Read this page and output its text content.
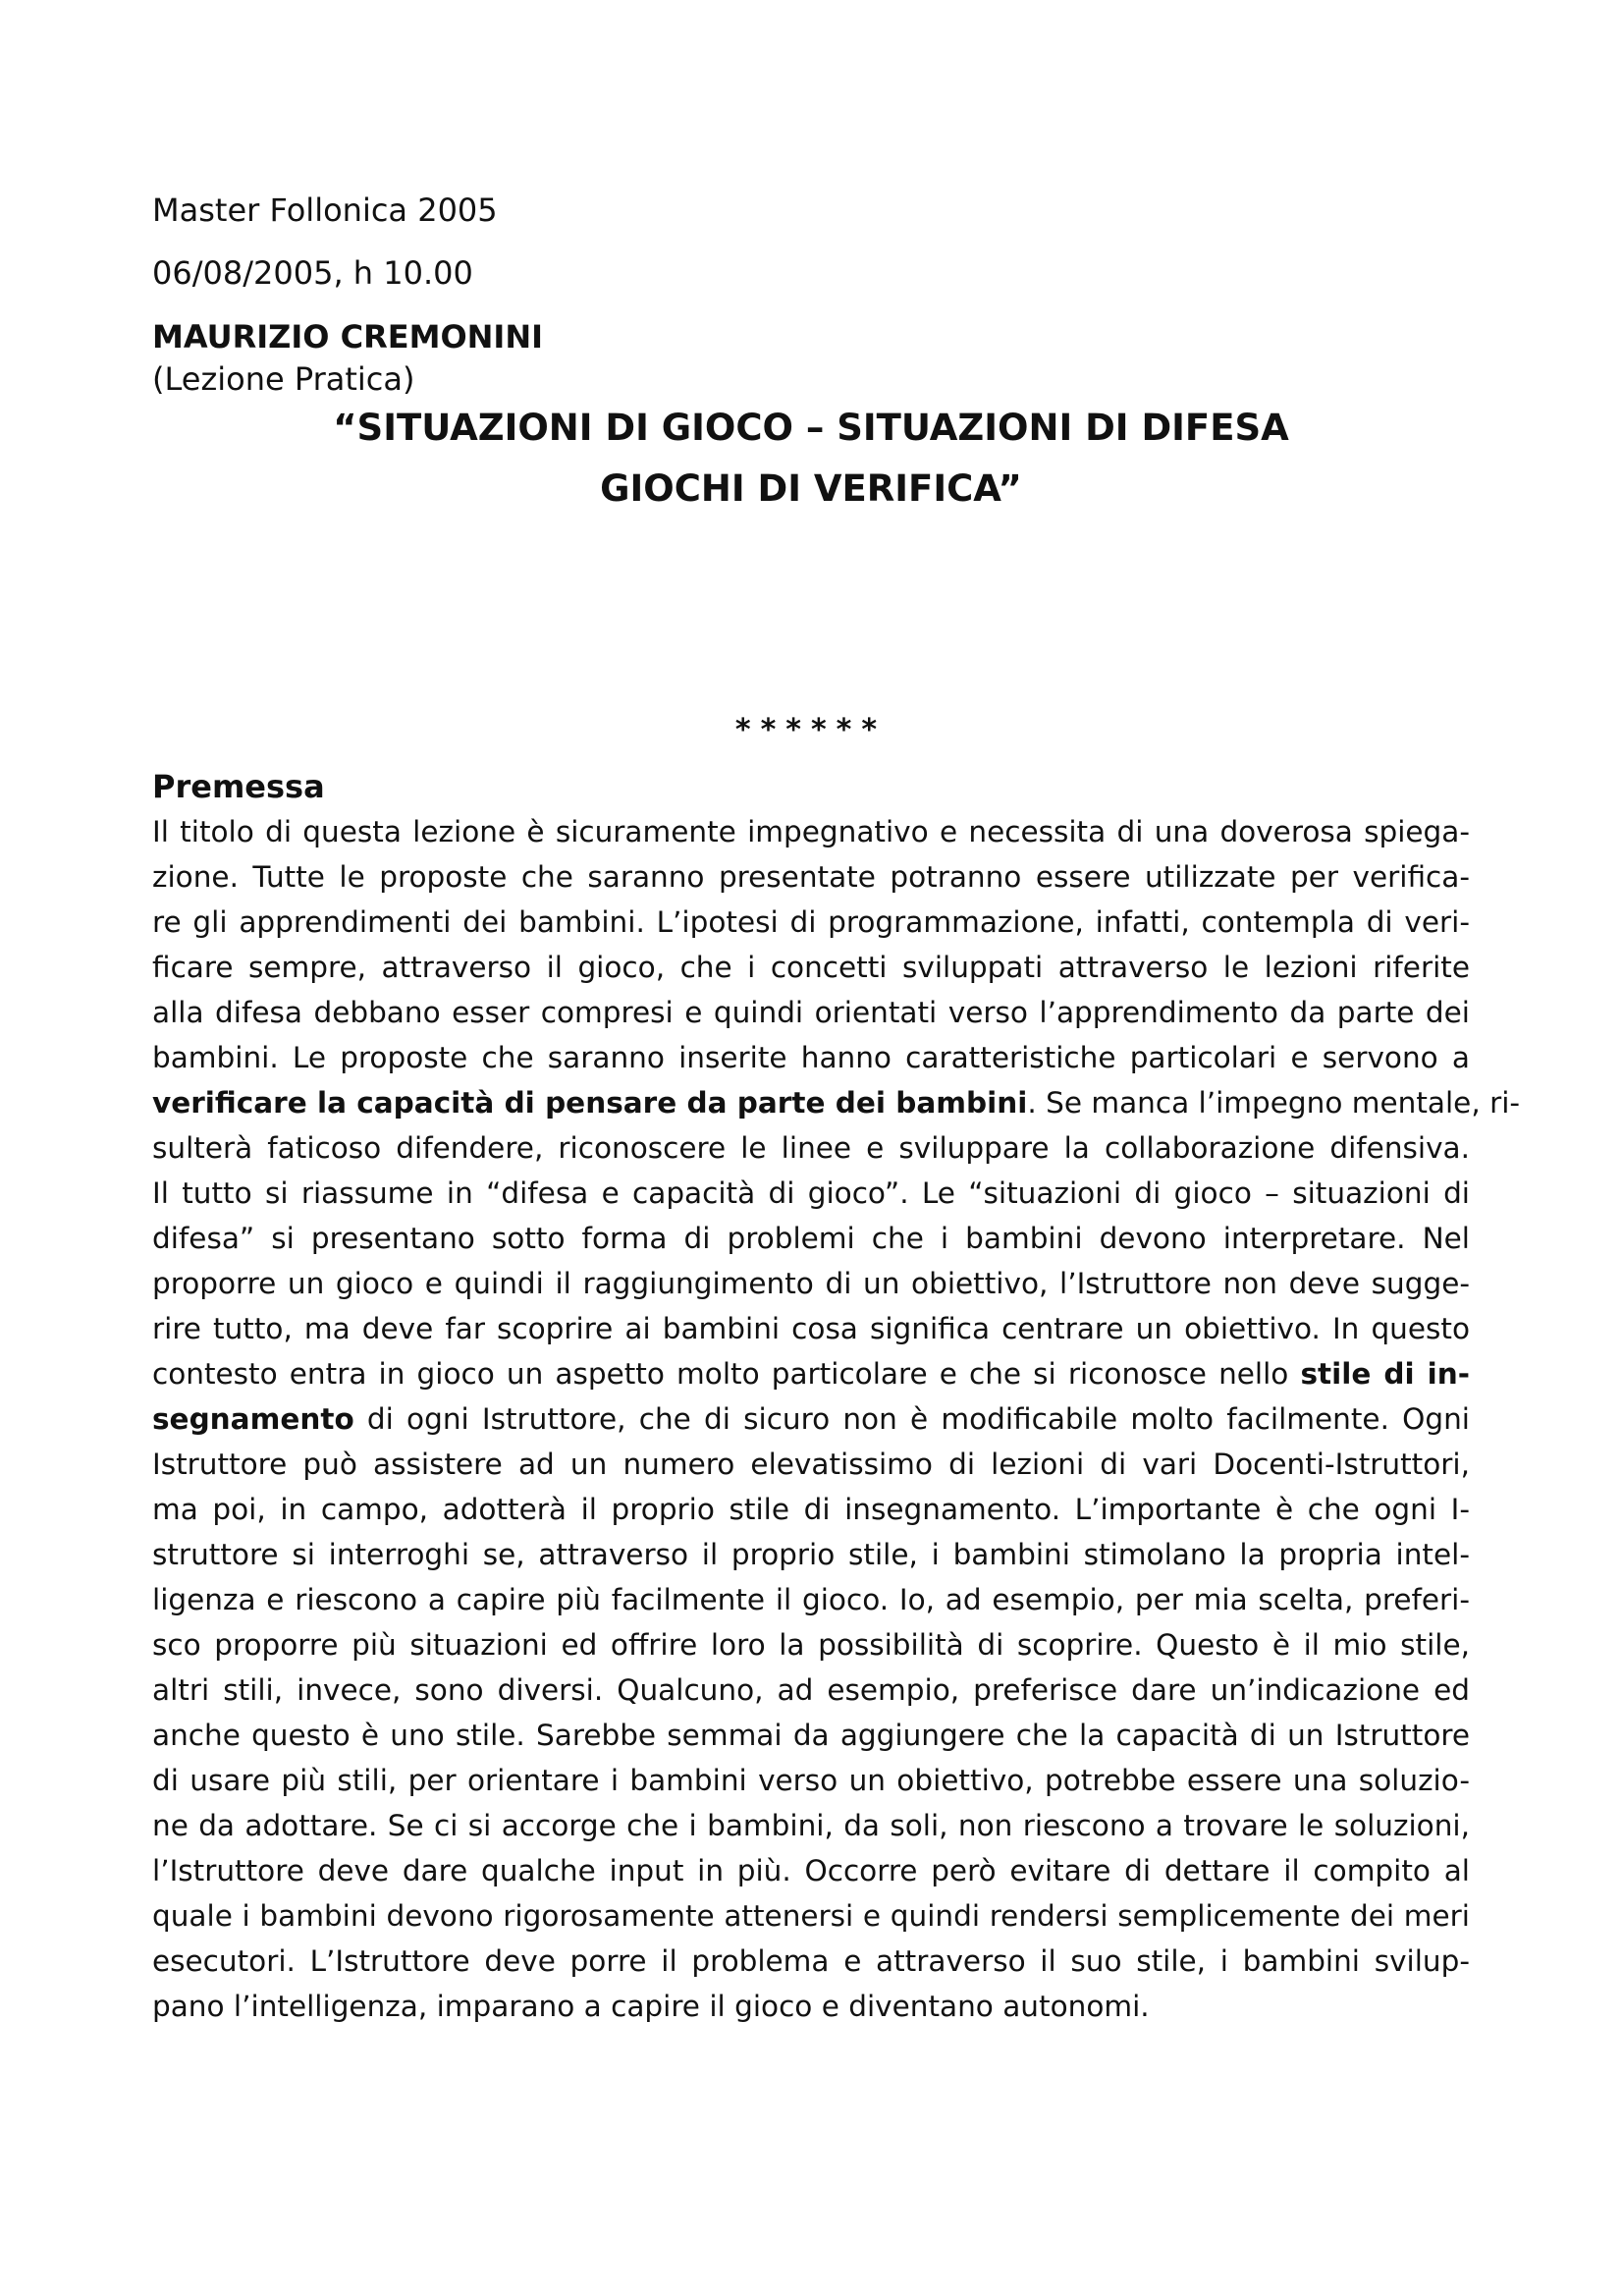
Master Follonica 2005
06/08/2005, h 10.00
MAURIZIO CREMONINI
(Lezione Pratica)
“SITUAZIONI DI GIOCO – SITUAZIONI DI DIFESA
GIOCHI DI VERIFICA”
******
Premessa
Il titolo di questa lezione è sicuramente impegnativo e necessita di una doverosa spiega-
zione. Tutte le proposte che saranno presentate potranno essere utilizzate per verifica-
re gli apprendimenti dei bambini. L’ipotesi di programmazione, infatti, contempla di veri-
ficare sempre, attraverso il gioco, che i concetti sviluppati attraverso le lezioni riferite
alla difesa debbano esser compresi e quindi orientati verso l’apprendimento da parte dei
bambini. Le proposte che saranno inserite hanno caratteristiche particolari e servono a
verificare la capacità di pensare da parte dei bambini. Se manca l’impegno mentale, ri-
sulterà faticoso difendere, riconoscere le linee e sviluppare la collaborazione difensiva.
Il tutto si riassume in “difesa e capacità di gioco”. Le “situazioni di gioco – situazioni di
difesa” si presentano sotto forma di problemi che i bambini devono interpretare. Nel
proporre un gioco e quindi il raggiungimento di un obiettivo, l’Istruttore non deve sugge-
rire tutto, ma deve far scoprire ai bambini cosa significa centrare un obiettivo. In questo
contesto entra in gioco un aspetto molto particolare e che si riconosce nello stile di in-
segnamento di ogni Istruttore, che di sicuro non è modificabile molto facilmente. Ogni
Istruttore può assistere ad un numero elevatissimo di lezioni di vari Docenti-Istruttori,
ma poi, in campo, adotterà il proprio stile di insegnamento. L’importante è che ogni I-
struttore si interroghi se, attraverso il proprio stile, i bambini stimolano la propria intel-
ligenza e riescono a capire più facilmente il gioco. Io, ad esempio, per mia scelta, preferi-
sco proporre più situazioni ed offrire loro la possibilità di scoprire. Questo è il mio stile,
altri stili, invece, sono diversi. Qualcuno, ad esempio, preferisce dare un’indicazione ed
anche questo è uno stile. Sarebbe semmai da aggiungere che la capacità di un Istruttore
di usare più stili, per orientare i bambini verso un obiettivo, potrebbe essere una soluzio-
ne da adottare. Se ci si accorge che i bambini, da soli, non riescono a trovare le soluzioni,
l’Istruttore deve dare qualche input in più. Occorre però evitare di dettare il compito al
quale i bambini devono rigorosamente attenersi e quindi rendersi semplicemente dei meri
esecutori. L’Istruttore deve porre il problema e attraverso il suo stile, i bambini svilup-
pano l’intelligenza, imparano a capire il gioco e diventano autonomi.
